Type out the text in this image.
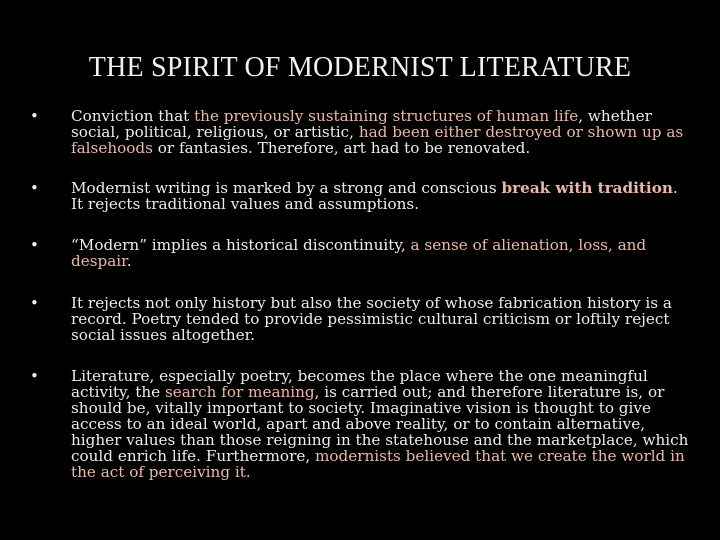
THE SPIRIT OF MODERNIST LITERATURE
• Conviction that the previously sustaining structures of human life, whether social, political, religious, or artistic, had been either destroyed or shown up as falsehoods or fantasies. Therefore, art had to be renovated.
• Modernist writing is marked by a strong and conscious break with tradition. It rejects traditional values and assumptions.
• “Modern” implies a historical discontinuity, a sense of alienation, loss, and despair.
• It rejects not only history but also the society of whose fabrication history is a record. Poetry tended to provide pessimistic cultural criticism or loftily reject social issues altogether.
• Literature, especially poetry, becomes the place where the one meaningful activity, the search for meaning, is carried out; and therefore literature is, or should be, vitally important to society. Imaginative vision is thought to give access to an ideal world, apart and above reality, or to contain alternative, higher values than those reigning in the statehouse and the marketplace, which could enrich life. Furthermore, modernists believed that we create the world in the act of perceiving it.
